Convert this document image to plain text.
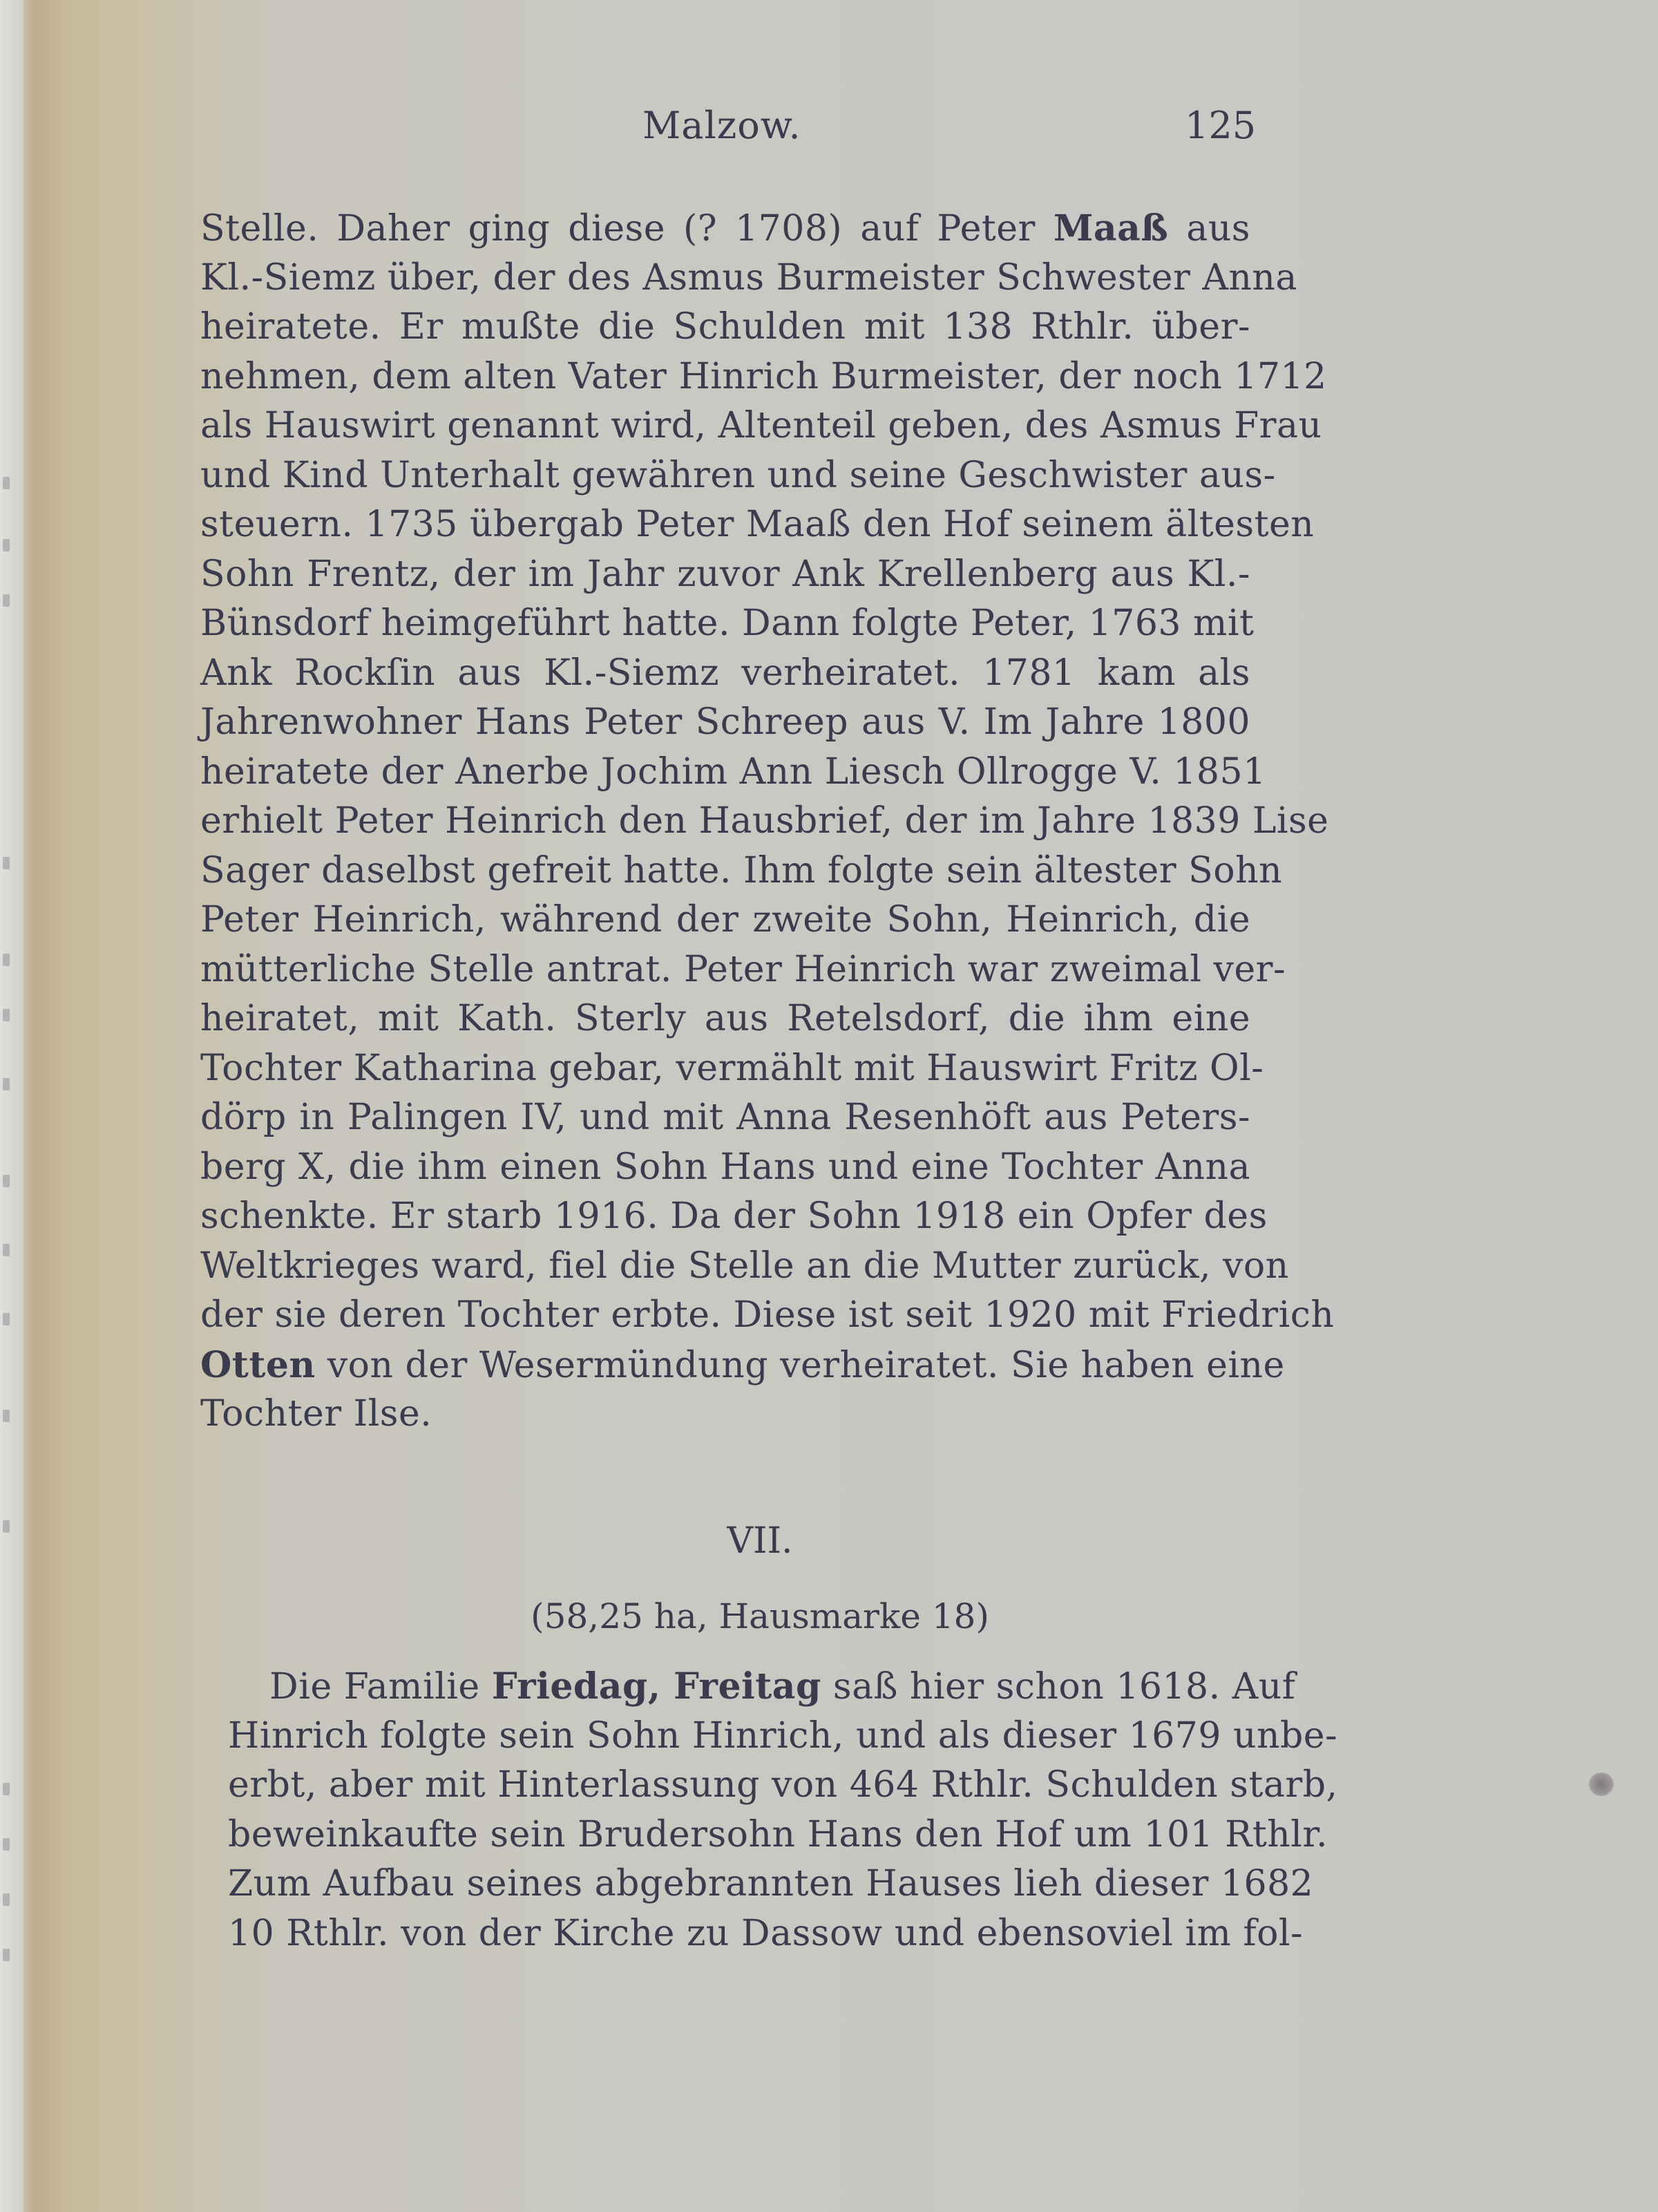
Malzow.	125
Stelle. Daher ging diese (? 1708) auf Peter Maaß aus
Kl.-Siemz über, der des Asmus Burmeister Schwester Anna
heiratete. Er mußte die Schulden mit 138 Rthlr. über-
nehmen, dem alten Vater Hinrich Burmeister, der noch 1712
als Hauswirt genannt wird, Altenteil geben, des Asmus Frau
und Kind Unterhalt gewähren und seine Geschwister aus-
steuern. 1735 übergab Peter Maaß den Hof seinem ältesten
Sohn Frentz, der im Jahr zuvor Ank Krellenberg aus Kl.-
Bünsdorf heimgeführt hatte. Dann folgte Peter, 1763 mit
Ank Rockſin aus Kl.-Siemz verheiratet. 1781 kam als
Jahrenwohner Hans Peter Schreep aus V. Im Jahre 1800
heiratete der Anerbe Jochim Ann Liesch Ollrogge V. 1851
erhielt Peter Heinrich den Hausbrief, der im Jahre 1839 Lise
Sager daselbst gefreit hatte. Ihm folgte sein ältester Sohn
Peter Heinrich, während der zweite Sohn, Heinrich, die
mütterliche Stelle antrat. Peter Heinrich war zweimal ver-
heiratet, mit Kath. Sterly aus Retelsdorf, die ihm eine
Tochter Katharina gebar, vermählt mit Hauswirt Fritz Ol-
dörp in Palingen IV, und mit Anna Resenhöft aus Peters-
berg X, die ihm einen Sohn Hans und eine Tochter Anna
schenkte. Er starb 1916. Da der Sohn 1918 ein Opfer des
Weltkrieges ward, fiel die Stelle an die Mutter zurück, von
der sie deren Tochter erbte. Diese ist seit 1920 mit Friedrich
Otten von der Wesermündung verheiratet. Sie haben eine
Tochter Ilse.
VII.
(58,25 ha, Hausmarke 18)
Die Familie Friedag, Freitag saß hier schon 1618. Auf
Hinrich folgte sein Sohn Hinrich, und als dieser 1679 unbe-
erbt, aber mit Hinterlassung von 464 Rthlr. Schulden starb,
beweinkaufte sein Brudersohn Hans den Hof um 101 Rthlr.
Zum Aufbau seines abgebrannten Hauses lieh dieser 1682
10 Rthlr. von der Kirche zu Dassow und ebensoviel im fol-
